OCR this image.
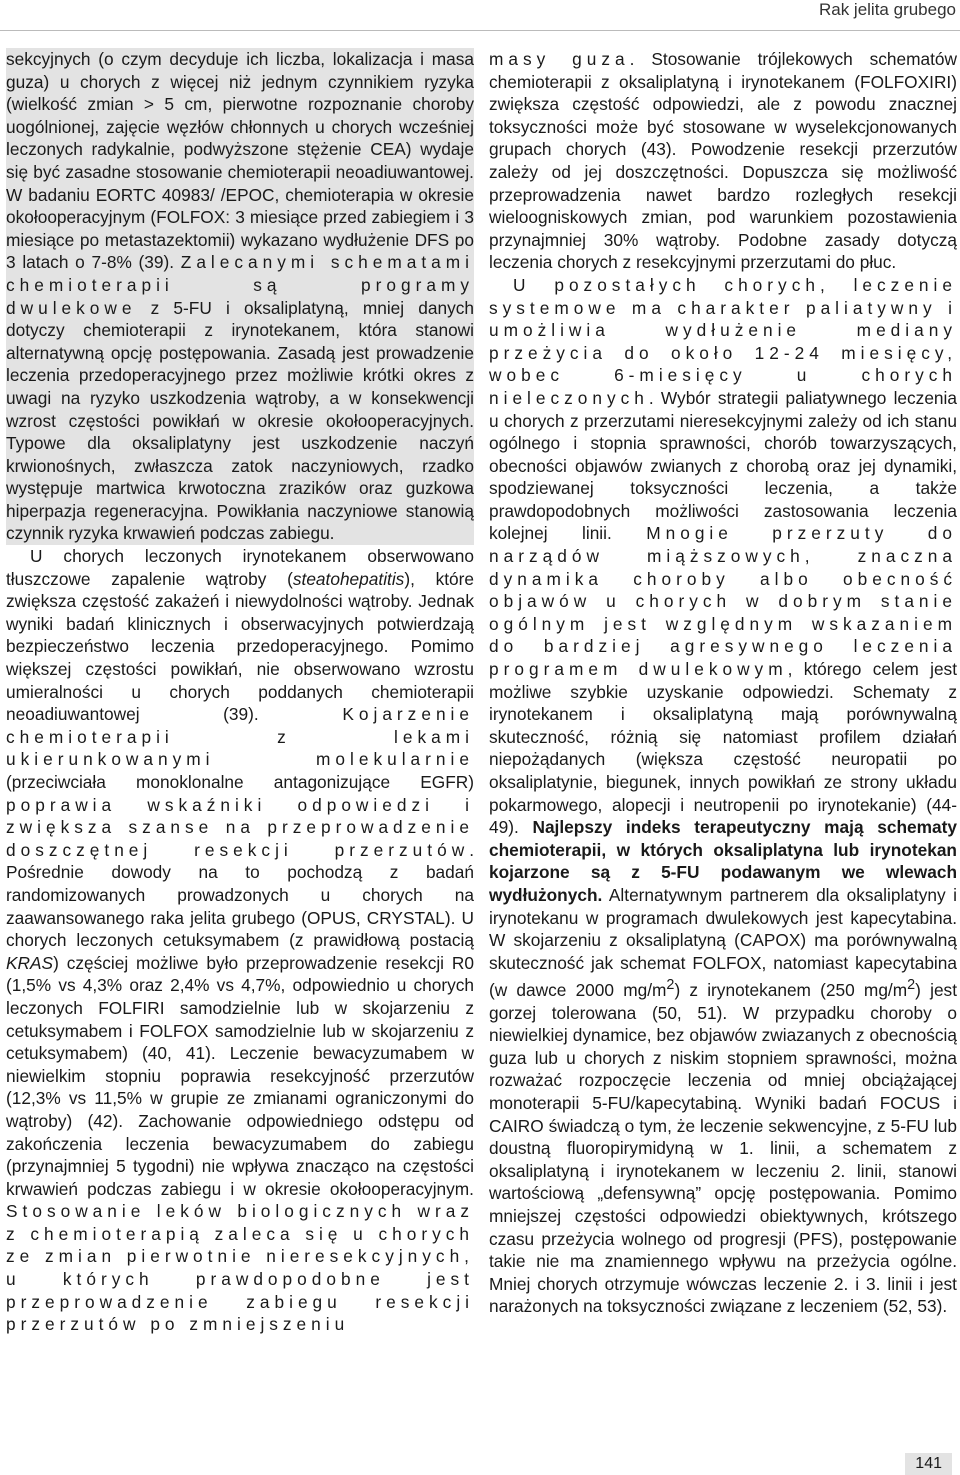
Rak jelita grubego

sekcyjnych (o czym decyduje ich liczba, lokalizacja i masa guza) u chorych z więcej niż jednym czynnikiem ryzyka (wielkość zmian > 5 cm, pierwotne rozpoznanie choroby uogólnionej, zajęcie węzłów chłonnych u chorych wcześniej leczonych radykalnie, podwyższone stężenie CEA) wydaje się być zasadne stosowanie chemioterapii neoadiuwantowej. W badaniu EORTC 40983/ /EPOC, chemioterapia w okresie okołooperacyjnym (FOLFOX: 3 miesiące przed zabiegiem i 3 miesiące po metastazektomii) wykazano wydłużenie DFS po 3 latach o 7-8% (39). Zalecanymi schematami chemioterapii są programy dwulekowe z 5-FU i oksaliplatyną, mniej danych dotyczy chemioterapii z irynotekanem, która stanowi alternatywną opcję postępowania. Zasadą jest prowadzenie leczenia przedoperacyjnego przez możliwie krótki okres z uwagi na ryzyko uszkodzenia wątroby, a w konsekwencji wzrost częstości powikłań w okresie okołooperacyjnych. Typowe dla oksaliplatyny jest uszkodzenie naczyń krwionośnych, zwłaszcza zatok naczyniowych, rzadko występuje martwica krwotoczna zrazików oraz guzkowa hiperpazja regeneracyjna. Powikłania naczyniowe stanowią czynnik ryzyka krwawień podczas zabiegu.

U chorych leczonych irynotekanem obserwowano tłuszczowe zapalenie wątroby (steatohepatitis), które zwiększa częstość zakażeń i niewydolności wątroby. Jednak wyniki badań klinicznych i obserwacyjnych potwierdzają bezpieczeństwo leczenia przedoperacyjnego. Pomimo większej częstości powikłań, nie obserwowano wzrostu umieralności u chorych poddanych chemioterapii neoadiuwantowej (39). Kojarzenie chemioterapii z lekami ukierunkowanymi molekularnie (przeciwciała monoklonalne antagonizujące EGFR) poprawia wskaźniki odpowiedzi i zwiększa szanse na przeprowadzenie doszczętnej resekcji przerzutów. Pośrednie dowody na to pochodzą z badań randomizowanych prowadzonych u chorych na zaawansowanego raka jelita grubego (OPUS, CRYSTAL). U chorych leczonych cetuksymabem (z prawidłową postacią KRAS) częściej możliwe było przeprowadzenie resekcji R0 (1,5% vs 4,3% oraz 2,4% vs 4,7%, odpowiednio u chorych leczonych FOLFIRI samodzielnie lub w skojarzeniu z cetuksymabem i FOLFOX samodzielnie lub w skojarzeniu z cetuksymabem) (40, 41). Leczenie bewacyzumabem w niewielkim stopniu poprawia resekcyjność przerzutów (12,3% vs 11,5% w grupie ze zmianami ograniczonymi do wątroby) (42). Zachowanie odpowiedniego odstępu od zakończenia leczenia bewacyzumabem do zabiegu (przynajmniej 5 tygodni) nie wpływa znacząco na częstości krwawień podczas zabiegu i w okresie okołooperacyjnym. Stosowanie leków biologicznych wraz z chemioterapią zaleca się u chorych ze zmian pierwotnie nieresekcyjnych, u których prawdopodobne jest przeprowadzenie zabiegu resekcji przerzutów po zmniejszeniu

masy guza. Stosowanie trójlekowych schematów chemioterapii z oksaliplatyną i irynotekanem (FOLFOXIRI) zwiększa częstość odpowiedzi, ale z powodu znacznej toksyczności może być stosowane w wyselekcjonowanych grupach chorych (43). Powodzenie resekcji przerzutów zależy od jej doszczętności. Dopuszcza się możliwość przeprowadzenia nawet bardzo rozległych resekcji wieloogniskowych zmian, pod warunkiem pozostawienia przynajmniej 30% wątroby. Podobne zasady dotyczą leczenia chorych z resekcyjnymi przerzutami do płuc.

U pozostałych chorych, leczenie systemowe ma charakter paliatywny i umożliwia wydłużenie mediany przeżycia do około 12-24 miesięcy, wobec 6-miesięcy u chorych nieleczonych. Wybór strategii paliatywnego leczenia u chorych z przerzutami nieresekcyjnymi zależy od ich stanu ogólnego i stopnia sprawności, chorób towarzyszących, obecności objawów zwianych z chorobą oraz jej dynamiki, spodziewanej toksyczności leczenia, a także prawdopodobnych możliwości zastosowania leczenia kolejnej linii. Mnogie przerzuty do narządów miąższowych, znaczna dynamika choroby albo obecność objawów u chorych w dobrym stanie ogólnym jest względnym wskazaniem do bardziej agresywnego leczenia programem dwulekowym, którego celem jest możliwe szybkie uzyskanie odpowiedzi. Schematy z irynotekanem i oksaliplatyną mają porównywalną skuteczność, różnią się natomiast profilem działań niepożądanych (większa częstość neuropatii po oksaliplatynie, biegunek, innych powikłań ze strony układu pokarmowego, alopecji i neutropenii po irynotekanie) (44-49). Najlepszy indeks terapeutyczny mają schematy chemioterapii, w których oksaliplatyna lub irynotekan kojarzone są z 5-FU podawanym we wlewach wydłużonych. Alternatywnym partnerem dla oksaliplatyny i irynotekanu w programach dwulekowych jest kapecytabina. W skojarzeniu z oksaliplatyną (CAPOX) ma porównywalną skuteczność jak schemat FOLFOX, natomiast kapecytabina (w dawce 2000 $mg/m^2$) z irynotekanem (250 $mg/m^2$) jest gorzej tolerowana (50, 51). W przypadku choroby o niewielkiej dynamice, bez objawów zwiazanych z obecnością guza lub u chorych z niskim stopniem sprawności, można rozważać rozpoczęcie leczenia od mniej obciążającej monoterapii 5-FU/kapecytabiną. Wyniki badań FOCUS i CAIRO świadczą o tym, że leczenie sekwencyjne, z 5-FU lub doustną fluoropirymidyną w 1. linii, a schematem z oksaliplatyną i irynotekanem w leczeniu 2. linii, stanowi wartościową „defensywną” opcję postępowania. Pomimo mniejszej częstości odpowiedzi obiektywnych, krótszego czasu przeżycia wolnego od progresji (PFS), postępowanie takie nie ma znamiennego wpływu na przeżycia ogólne. Mniej chorych otrzymuje wówczas leczenie 2. i 3. linii i jest narażonych na toksyczności związane z leczeniem (52, 53).

141
